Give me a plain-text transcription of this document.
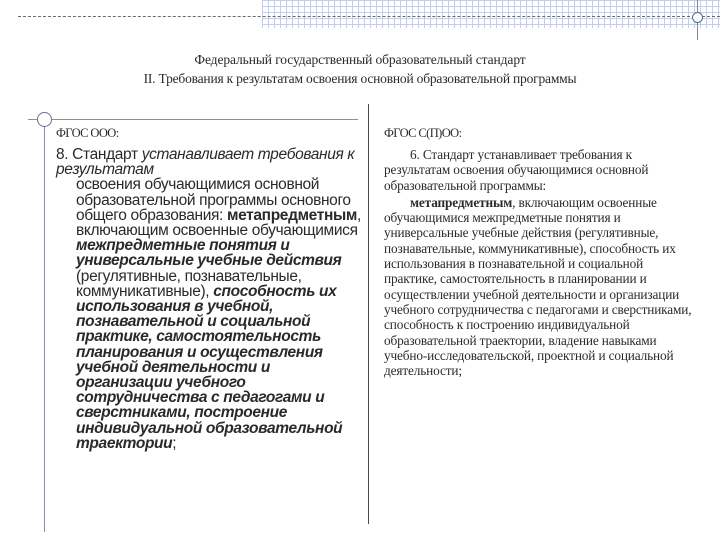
Федеральный государственный образовательный стандарт
II. Требования к результатам освоения основной образовательной программы
ФГОС ООО:
8. Стандарт устанавливает требования к результатам
освоения обучающимися основной образовательной программы основного общего образования: метапредметным, включающим освоенные обучающимися межпредметные понятия и универсальные учебные действия (регулятивные, познавательные, коммуникативные), способность их использования в учебной, познавательной и социальной практике, самостоятельность планирования и осуществления учебной деятельности и организации учебного сотрудничества с педагогами и сверстниками, построение индивидуальной образовательной траектории;
ФГОС С(П)ОО:
6. Стандарт устанавливает требования к результатам освоения обучающимися основной образовательной программы:
метапредметным, включающим освоенные обучающимися межпредметные понятия и универсальные учебные действия (регулятивные, познавательные, коммуникативные), способность их использования в познавательной и социальной практике, самостоятельность в планировании и осуществлении учебной деятельности и организации учебного сотрудничества с педагогами и сверстниками, способность к построению индивидуальной образовательной траектории, владение навыками учебно-исследовательской, проектной и социальной деятельности;
